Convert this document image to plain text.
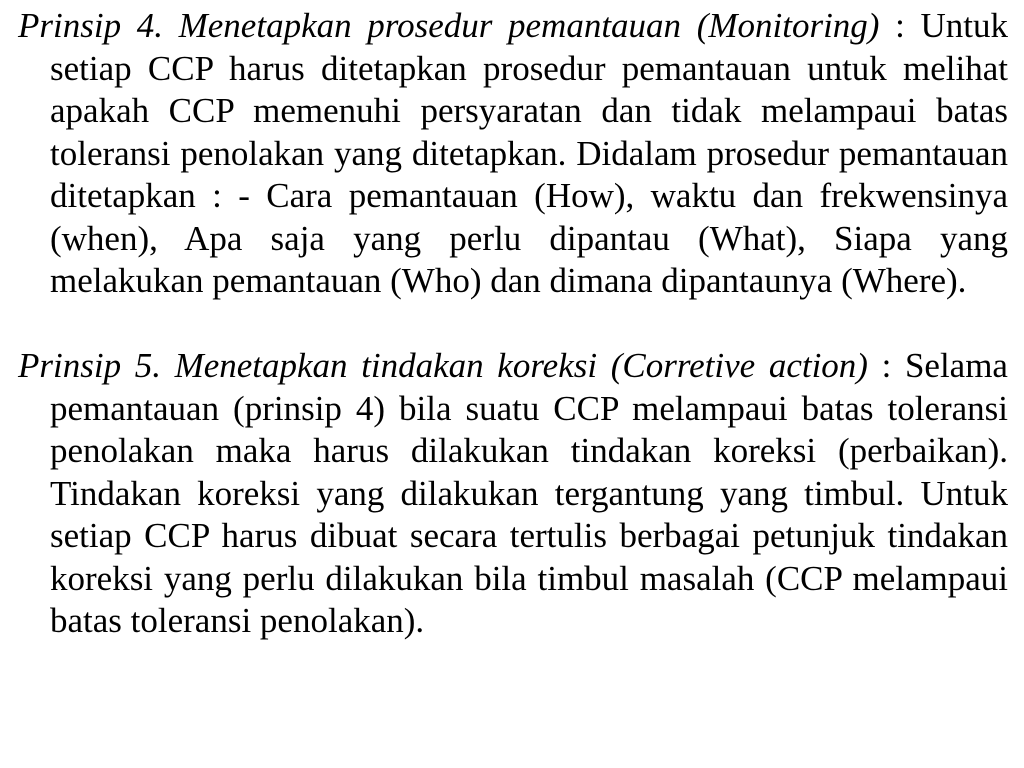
Prinsip 4. Menetapkan prosedur pemantauan (Monitoring) : Untuk setiap CCP harus ditetapkan prosedur pemantauan untuk melihat apakah CCP memenuhi persyaratan dan tidak melampaui batas toleransi penolakan yang ditetapkan. Didalam prosedur pemantauan ditetapkan : - Cara pemantauan (How), waktu dan frekwensinya (when), Apa saja yang perlu dipantau (What), Siapa yang melakukan pemantauan (Who) dan dimana dipantaunya (Where).

Prinsip 5. Menetapkan tindakan koreksi (Corretive action) : Selama pemantauan (prinsip 4) bila suatu CCP melampaui batas toleransi penolakan maka harus dilakukan tindakan koreksi (perbaikan). Tindakan koreksi yang dilakukan tergantung yang timbul. Untuk setiap CCP harus dibuat secara tertulis berbagai petunjuk tindakan koreksi yang perlu dilakukan bila timbul masalah (CCP melampaui batas toleransi penolakan).
